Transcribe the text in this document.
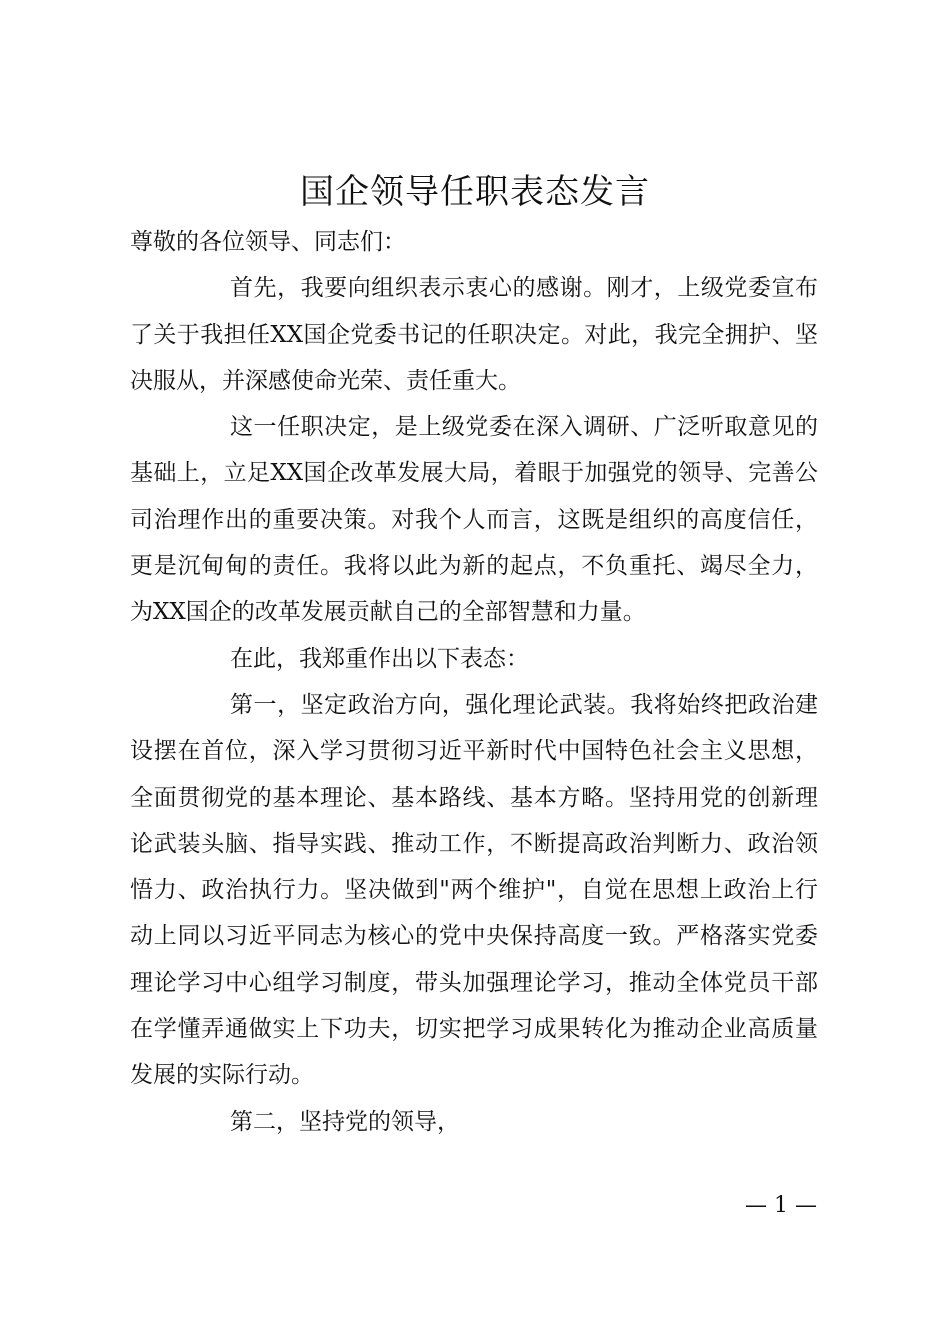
国企领导任职表态发言

尊敬的各位领导、同志们：

首先，我要向组织表示衷心的感谢。刚才，上级党委宣布了关于我担任XX国企党委书记的任职决定。对此，我完全拥护、坚决服从，并深感使命光荣、责任重大。

这一任职决定，是上级党委在深入调研、广泛听取意见的基础上，立足XX国企改革发展大局，着眼于加强党的领导、完善公司治理作出的重要决策。对我个人而言，这既是组织的高度信任，更是沉甸甸的责任。我将以此为新的起点，不负重托、竭尽全力，为XX国企的改革发展贡献自己的全部智慧和力量。

在此，我郑重作出以下表态：

第一，坚定政治方向，强化理论武装。我将始终把政治建设摆在首位，深入学习贯彻习近平新时代中国特色社会主义思想，全面贯彻党的基本理论、基本路线、基本方略。坚持用党的创新理论武装头脑、指导实践、推动工作，不断提高政治判断力、政治领悟力、政治执行力。坚决做到"两个维护"，自觉在思想上政治上行动上同以习近平同志为核心的党中央保持高度一致。严格落实党委理论学习中心组学习制度，带头加强理论学习，推动全体党员干部在学懂弄通做实上下功夫，切实把学习成果转化为推动企业高质量发展的实际行动。

第二，坚持党的领导，

— 1 —
